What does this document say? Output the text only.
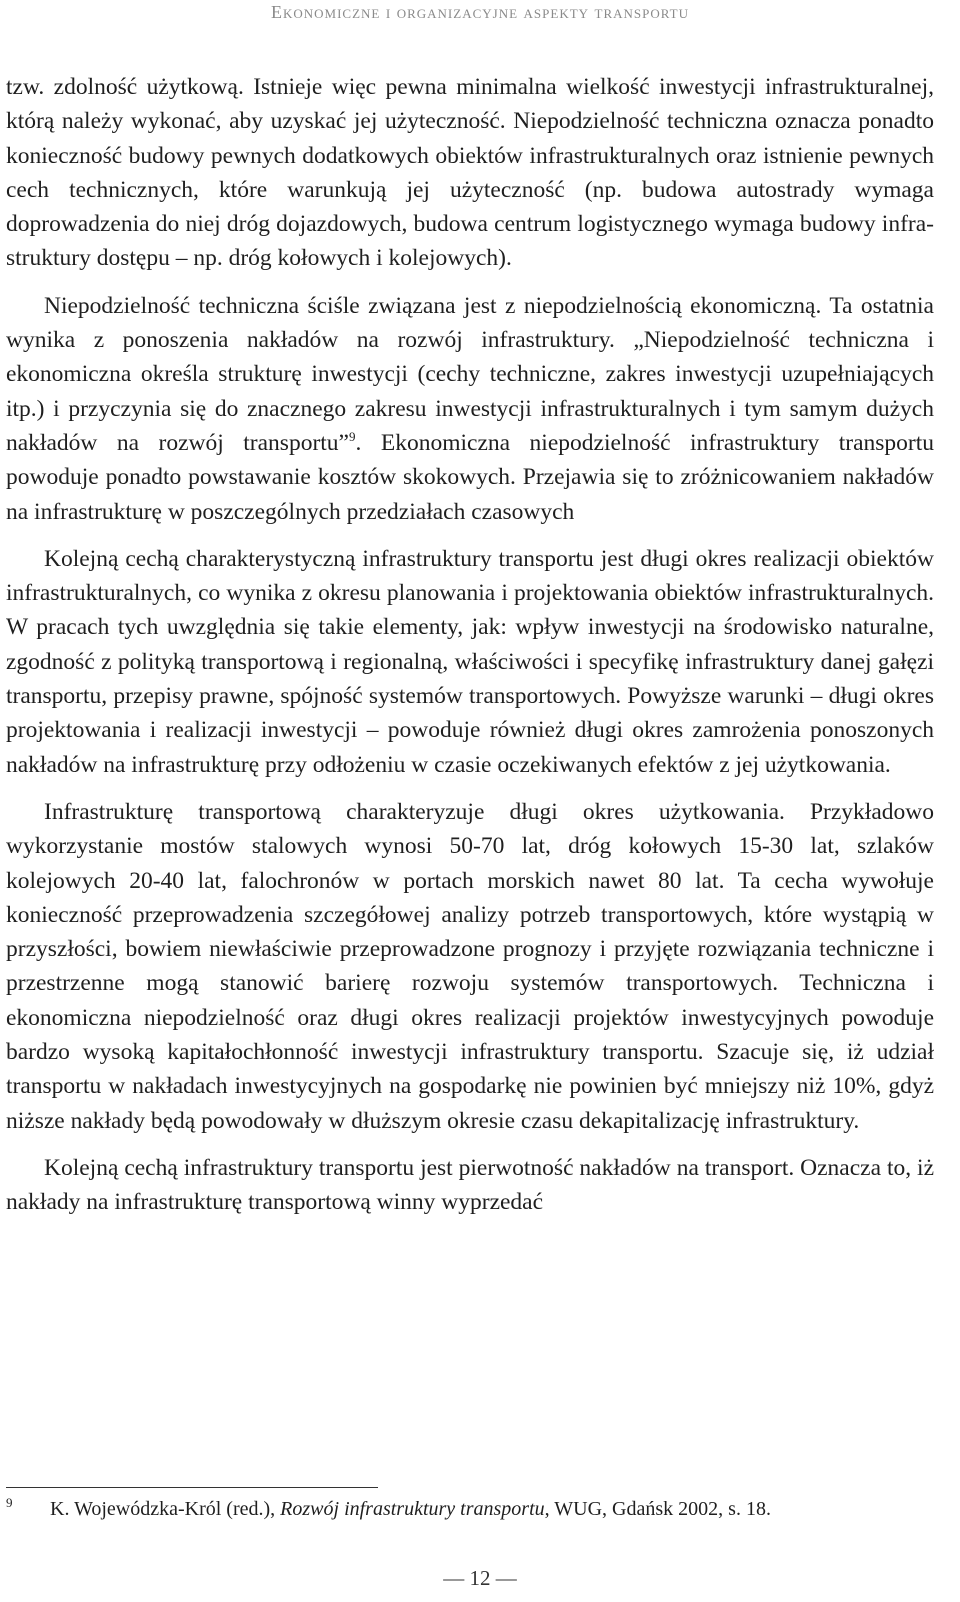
Ekonomiczne i organizacyjne aspekty transportu

tzw. zdolność użytkową. Istnieje więc pewna minimalna wielkość inwestycji infrastrukturalnej, którą należy wykonać, aby uzyskać jej użyteczność. Niepodzielność techniczna oznacza ponadto konieczność budowy pewnych dodatkowych obiektów infrastrukturalnych oraz istnienie pewnych cech technicznych, które warunkują jej użyteczność (np. budowa autostrady wymaga doprowadzenia do niej dróg dojazdowych, budowa centrum logistycznego wymaga budowy infrastruktury dostępu – np. dróg kołowych i kolejowych).

Niepodzielność techniczna ściśle związana jest z niepodzielnością ekonomiczną. Ta ostatnia wynika z ponoszenia nakładów na rozwój infrastruktury. „Niepodzielność techniczna i ekonomiczna określa strukturę inwestycji (cechy techniczne, zakres inwestycji uzupełniających itp.) i przyczynia się do znacznego zakresu inwestycji infrastrukturalnych i tym samym dużych nakładów na rozwój transportu”$^9$. Ekonomiczna niepodzielność infrastruktury transportu powoduje ponadto powstawanie kosztów skokowych. Przejawia się to zróżnicowaniem nakładów na infrastrukturę w poszczególnych przedziałach czasowych

Kolejną cechą charakterystyczną infrastruktury transportu jest długi okres realizacji obiektów infrastrukturalnych, co wynika z okresu planowania i projektowania obiektów infrastrukturalnych. W pracach tych uwzględnia się takie elementy, jak: wpływ inwestycji na środowisko naturalne, zgodność z polityką transportową i regionalną, właściwości i specyfikę infrastruktury danej gałęzi transportu, przepisy prawne, spójność systemów transportowych. Powyższe warunki – długi okres projektowania i realizacji inwestycji – powoduje również długi okres zamrożenia ponoszonych nakładów na infrastrukturę przy odłożeniu w czasie oczekiwanych efektów z jej użytkowania.

Infrastrukturę transportową charakteryzuje długi okres użytkowania. Przykładowo wykorzystanie mostów stalowych wynosi 50-70 lat, dróg kołowych 15-30 lat, szlaków kolejowych 20-40 lat, falochronów w portach morskich nawet 80 lat. Ta cecha wywołuje konieczność przeprowadzenia szczegółowej analizy potrzeb transportowych, które wystąpią w przyszłości, bowiem niewłaściwie przeprowadzone prognozy i przyjęte rozwiązania techniczne i przestrzenne mogą stanowić barierę rozwoju systemów transportowych. Techniczna i ekonomiczna niepodzielność oraz długi okres realizacji projektów inwestycyjnych powoduje bardzo wysoką kapitałochłonność inwestycji infrastruktury transportu. Szacuje się, iż udział transportu w nakładach inwestycyjnych na gospodarkę nie powinien być mniejszy niż 10%, gdyż niższe nakłady będą powodowały w dłuższym okresie czasu dekapitalizację infrastruktury.

Kolejną cechą infrastruktury transportu jest pierwotność nakładów na transport. Oznacza to, iż nakłady na infrastrukturę transportową winny wyprzedać

9 K. Wojewódzka-Król (red.), Rozwój infrastruktury transportu, WUG, Gdańsk 2002, s. 18.
— 12 —
